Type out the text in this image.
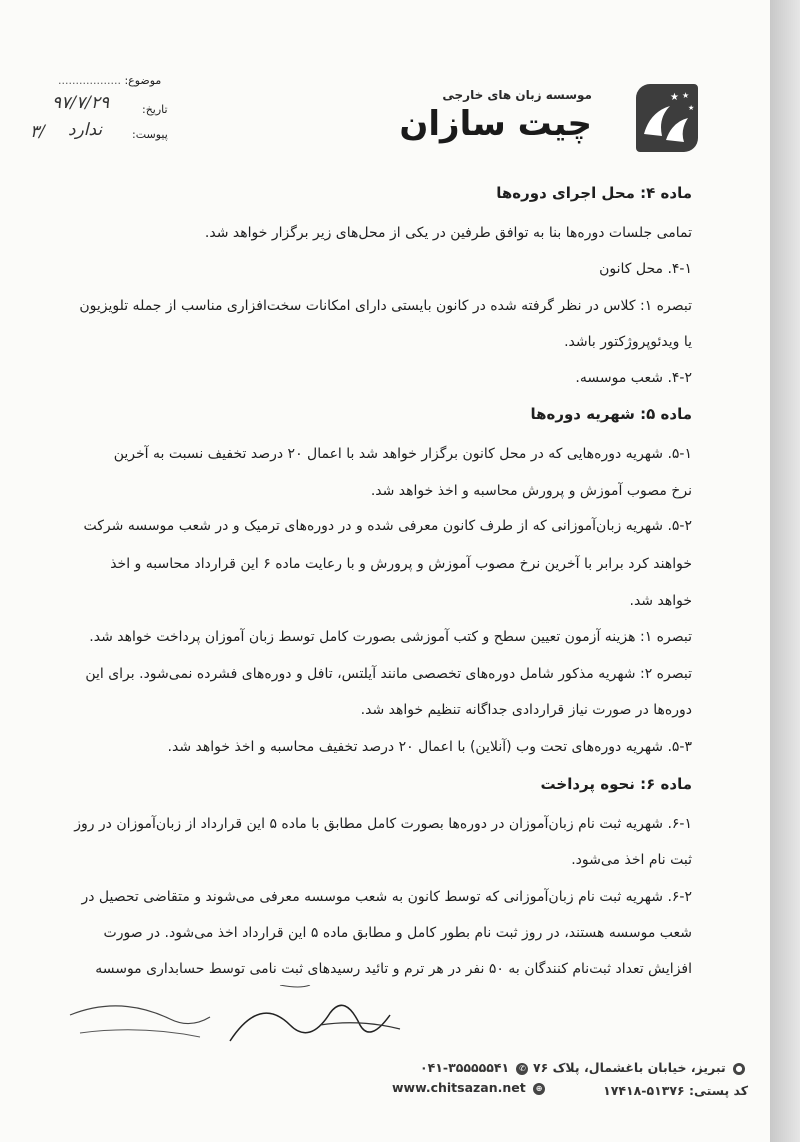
★ ★
★
موسسه زبان های خارجی
چیت سازان
موضوع: ..................
تاریخ:
۹۷/۷/۲۹
پیوست:
ندارد
۳/
ماده ۴: محل اجرای دوره‌ها
تمامی جلسات دوره‌ها بنا به توافق طرفین در یکی از محل‌های زیر برگزار خواهد شد.
۴-۱. محل کانون
تبصره ۱: کلاس در نظر گرفته شده در کانون بایستی دارای امکانات سخت‌افزاری مناسب از جمله تلویزیون
یا ویدئوپروژکتور باشد.
۴-۲. شعب موسسه.
ماده ۵: شهریه دوره‌ها
۵-۱. شهریه دوره‌هایی که در محل کانون برگزار خواهد شد با اعمال ۲۰ درصد تخفیف نسبت به آخرین
نرخ مصوب آموزش و پرورش محاسبه و اخذ خواهد شد.
۵-۲. شهریه زبان‌آموزانی که از طرف کانون معرفی شده و در دوره‌های ترمیک و در شعب موسسه شرکت
خواهند کرد برابر با آخرین نرخ مصوب آموزش و پرورش و با رعایت ماده ۶ این قرارداد محاسبه و اخذ
خواهد شد.
تبصره ۱: هزینه آزمون تعیین سطح و کتب آموزشی بصورت کامل توسط زبان آموزان پرداخت خواهد شد.
تبصره ۲: شهریه مذکور شامل دوره‌های تخصصی مانند آیلتس، تافل و دوره‌های فشرده نمی‌شود. برای این
دوره‌ها در صورت نیاز قراردادی جداگانه تنظیم خواهد شد.
۵-۳. شهریه دوره‌های تحت وب (آنلاین) با اعمال ۲۰ درصد تخفیف محاسبه و اخذ خواهد شد.
ماده ۶: نحوه پرداخت
۶-۱. شهریه ثبت نام زبان‌آموزان در دوره‌ها بصورت کامل مطابق با ماده ۵ این قرارداد از زبان‌آموزان در روز
ثبت نام اخذ می‌شود.
۶-۲. شهریه ثبت نام زبان‌آموزانی که توسط کانون به شعب موسسه معرفی می‌شوند و متقاضی تحصیل در
شعب موسسه هستند، در روز ثبت نام بطور کامل و مطابق ماده ۵ این قرارداد اخذ می‌شود. در صورت
افزایش تعداد ثبت‌نام کنندگان به ۵۰ نفر در هر ترم و تائید رسیدهای ثبت نامی توسط حسابداری موسسه
● تبریز، خیابان باغشمال، پلاک ۷۶
کد پستی: ۵۱۳۷۶-۱۷۴۱۸
✆ ۰۴۱-۳۵۵۵۵۵۴۱
www.chitsazan.net ⊕
